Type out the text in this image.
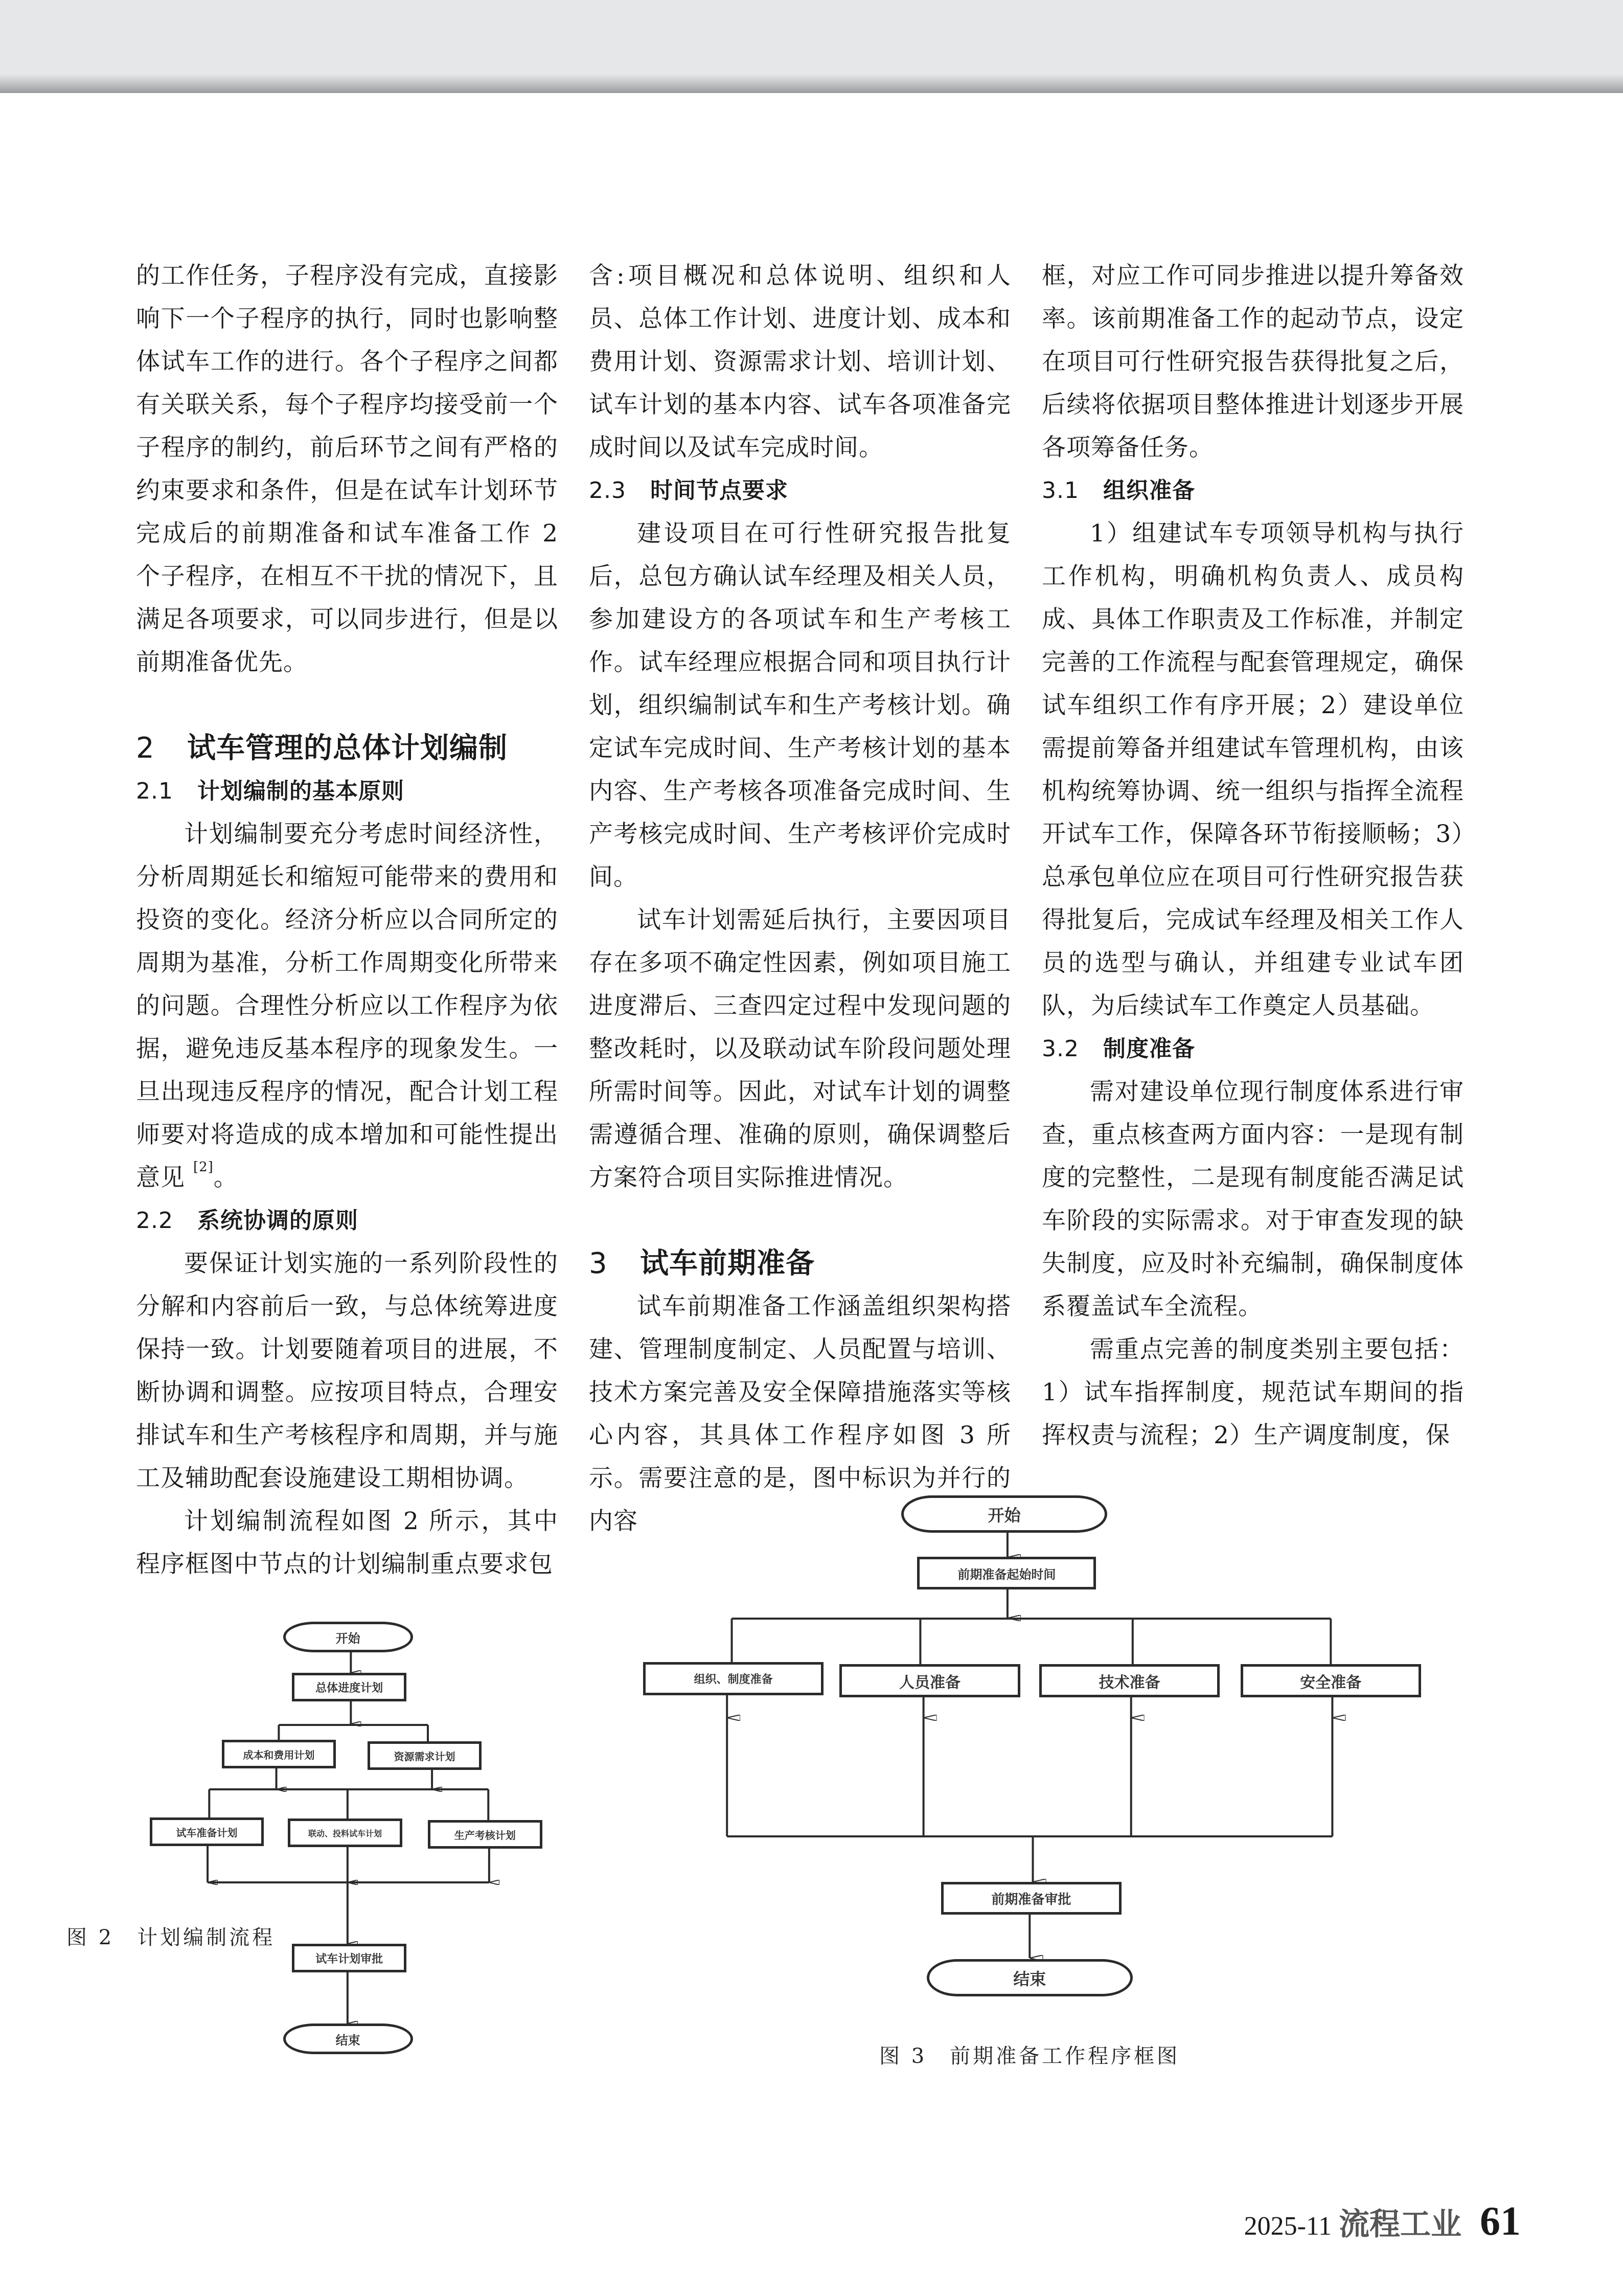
的工作任务，子程序没有完成，直接影响下一个子程序的执行，同时也影响整体试车工作的进行。各个子程序之间都有关联关系，每个子程序均接受前一个子程序的制约，前后环节之间有严格的约束要求和条件，但是在试车计划环节完成后的前期准备和试车准备工作 2 个子程序，在相互不干扰的情况下，且满足各项要求，可以同步进行，但是以前期准备优先。

2 试车管理的总体计划编制
2.1 计划编制的基本原则

计划编制要充分考虑时间经济性，分析周期延长和缩短可能带来的费用和投资的变化。经济分析应以合同所定的周期为基准，分析工作周期变化所带来的问题。合理性分析应以工作程序为依据，避免违反基本程序的现象发生。一旦出现违反程序的情况，配合计划工程师要对将造成的成本增加和可能性提出意见 [2]。

2.2 系统协调的原则

要保证计划实施的一系列阶段性的分解和内容前后一致，与总体统筹进度保持一致。计划要随着项目的进展，不断协调和调整。应按项目特点，合理安排试车和生产考核程序和周期，并与施工及辅助配套设施建设工期相协调。

计划编制流程如图 2 所示，其中程序框图中节点的计划编制重点要求包

含:项目概况和总体说明、组织和人员、总体工作计划、进度计划、成本和费用计划、资源需求计划、培训计划、试车计划的基本内容、试车各项准备完成时间以及试车完成时间。

2.3 时间节点要求

建设项目在可行性研究报告批复后，总包方确认试车经理及相关人员，参加建设方的各项试车和生产考核工作。试车经理应根据合同和项目执行计划，组织编制试车和生产考核计划。确定试车完成时间、生产考核计划的基本内容、生产考核各项准备完成时间、生产考核完成时间、生产考核评价完成时间。

试车计划需延后执行，主要因项目存在多项不确定性因素，例如项目施工进度滞后、三查四定过程中发现问题的整改耗时，以及联动试车阶段问题处理所需时间等。因此，对试车计划的调整需遵循合理、准确的原则，确保调整后方案符合项目实际推进情况。

3 试车前期准备

试车前期准备工作涵盖组织架构搭建、管理制度制定、人员配置与培训、技术方案完善及安全保障措施落实等核心内容，其具体工作程序如图 3 所示。需要注意的是，图中标识为并行的内容

框，对应工作可同步推进以提升筹备效率。该前期准备工作的起动节点，设定在项目可行性研究报告获得批复之后，后续将依据项目整体推进计划逐步开展各项筹备任务。

3.1 组织准备

1）组建试车专项领导机构与执行工作机构，明确机构负责人、成员构成、具体工作职责及工作标准，并制定完善的工作流程与配套管理规定，确保试车组织工作有序开展；2）建设单位需提前筹备并组建试车管理机构，由该机构统筹协调、统一组织与指挥全流程开试车工作，保障各环节衔接顺畅；3）总承包单位应在项目可行性研究报告获得批复后，完成试车经理及相关工作人员的选型与确认，并组建专业试车团队，为后续试车工作奠定人员基础。

3.2 制度准备

需对建设单位现行制度体系进行审查，重点核查两方面内容：一是现有制度的完整性，二是现有制度能否满足试车阶段的实际需求。对于审查发现的缺失制度，应及时补充编制，确保制度体系覆盖试车全流程。

需重点完善的制度类别主要包括：1）试车指挥制度，规范试车期间的指挥权责与流程；2）生产调度制度，保

开始
总体进度计划
成本和费用计划	资源需求计划
试车准备计划	联动、投料试车计划	生产考核计划
试车计划审批
结束
图 2　计划编制流程
开始
前期准备起始时间
组织、制度准备	人员准备	技术准备	安全准备
前期准备审批
结束
图 3　前期准备工作程序框图
2025-11 流程工业 61
